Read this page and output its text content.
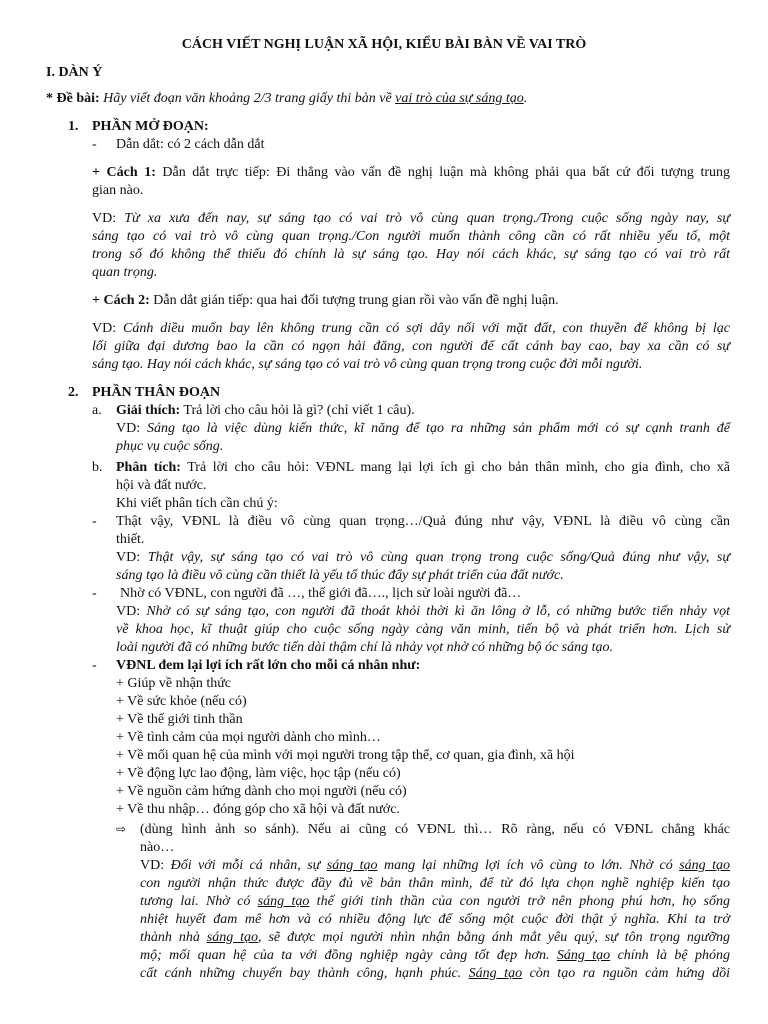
CÁCH VIẾT NGHỊ LUẬN XÃ HỘI, KIỂU BÀI BÀN VỀ VAI TRÒ
I. DÀN Ý
* Đề bài: Hãy viết đoạn văn khoảng 2/3 trang giấy thi bàn về vai trò của sự sáng tạo.
1. PHẦN MỞ ĐOẠN:
- Dẫn dắt: có 2 cách dẫn dắt
+ Cách 1: Dẫn dắt trực tiếp: Đi thẳng vào vấn đề nghị luận mà không phải qua bất cứ đối tượng trung
gian nào.
VD: Từ xa xưa đến nay, sự sáng tạo có vai trò vô cùng quan trọng./Trong cuộc sống ngày nay, sự
sáng tạo có vai trò vô cùng quan trọng./Con người muốn thành công cần có rất nhiều yếu tố, một
trong số đó không thể thiếu đó chính là sự sáng tạo. Hay nói cách khác, sự sáng tạo có vai trò rất
quan trọng.
+ Cách 2: Dẫn dắt gián tiếp: qua hai đối tượng trung gian rồi vào vấn đề nghị luận.
VD: Cánh diều muốn bay lên không trung cần có sợi dây nối với mặt đất, con thuyền để không bị lạc
lối giữa đại dương bao la cần có ngọn hải đăng, con người để cất cánh bay cao, bay xa cần có sự
sáng tạo. Hay nói cách khác, sự sáng tạo có vai trò vô cùng quan trọng trong cuộc đời mỗi người.
2. PHẦN THÂN ĐOẠN
a. Giải thích: Trả lời cho câu hỏi là gì? (chỉ viết 1 câu).
VD: Sáng tạo là việc dùng kiến thức, kĩ năng để tạo ra những sản phẩm mới có sự cạnh tranh để
phục vụ cuộc sống.
b. Phân tích: Trả lời cho câu hỏi: VĐNL mang lại lợi ích gì cho bản thân mình, cho gia đình, cho xã
hội và đất nước.
Khi viết phân tích cần chú ý:
- Thật vậy, VĐNL là điều vô cùng quan trọng…/Quả đúng như vậy, VĐNL là điều vô cùng cần
thiết.
VD: Thật vậy, sự sáng tạo có vai trò vô cùng quan trọng trong cuộc sống/Quả đúng như vậy, sự
sáng tạo là điều vô cùng cần thiết là yếu tố thúc đẩy sự phát triển của đất nước.
- Nhờ có VĐNL, con người đã …, thế giới đã…., lịch sử loài người đã…
VD: Nhờ có sự sáng tạo, con người đã thoát khỏi thời kì ăn lông ở lỗ, có những bước tiến nhảy vọt
về khoa học, kĩ thuật giúp cho cuộc sống ngày càng văn minh, tiến bộ và phát triển hơn. Lịch sử
loài người đã có những bước tiến dài thậm chí là nhảy vọt nhờ có những bộ óc sáng tạo.
- VĐNL đem lại lợi ích rất lớn cho mỗi cá nhân như:
+ Giúp về nhận thức
+ Về sức khỏe (nếu có)
+ Về thế giới tinh thần
+ Về tình cảm của mọi người dành cho mình…
+ Về mối quan hệ của mình với mọi người trong tập thể, cơ quan, gia đình, xã hội
+ Về động lực lao động, làm việc, học tập (nếu có)
+ Về nguồn cảm hứng dành cho mọi người (nếu có)
+ Về thu nhập… đóng góp cho xã hội và đất nước.
⇨ (dùng hình ảnh so sánh). Nếu ai cũng có VĐNL thì… Rõ ràng, nếu có VĐNL chẳng khác
nào…
VD: Đối với mỗi cá nhân, sự sáng tạo mang lại những lợi ích vô cùng to lớn. Nhờ có sáng tạo
con người nhận thức được đầy đủ về bản thân mình, để từ đó lựa chọn nghề nghiệp kiến tạo
tương lai. Nhờ có sáng tạo thế giới tinh thần của con người trở nên phong phú hơn, họ sống
nhiệt huyết đam mê hơn và có nhiều động lực để sống một cuộc đời thật ý nghĩa. Khi ta trở
thành nhà sáng tạo, sẽ được mọi người nhìn nhận bằng ánh mắt yêu quý, sự tôn trọng ngưỡng
mộ; mối quan hệ của ta với đồng nghiệp ngày càng tốt đẹp hơn. Sáng tạo chính là bệ phóng
cất cánh những chuyến bay thành công, hạnh phúc. Sáng tạo còn tạo ra nguồn cảm hứng dồi
